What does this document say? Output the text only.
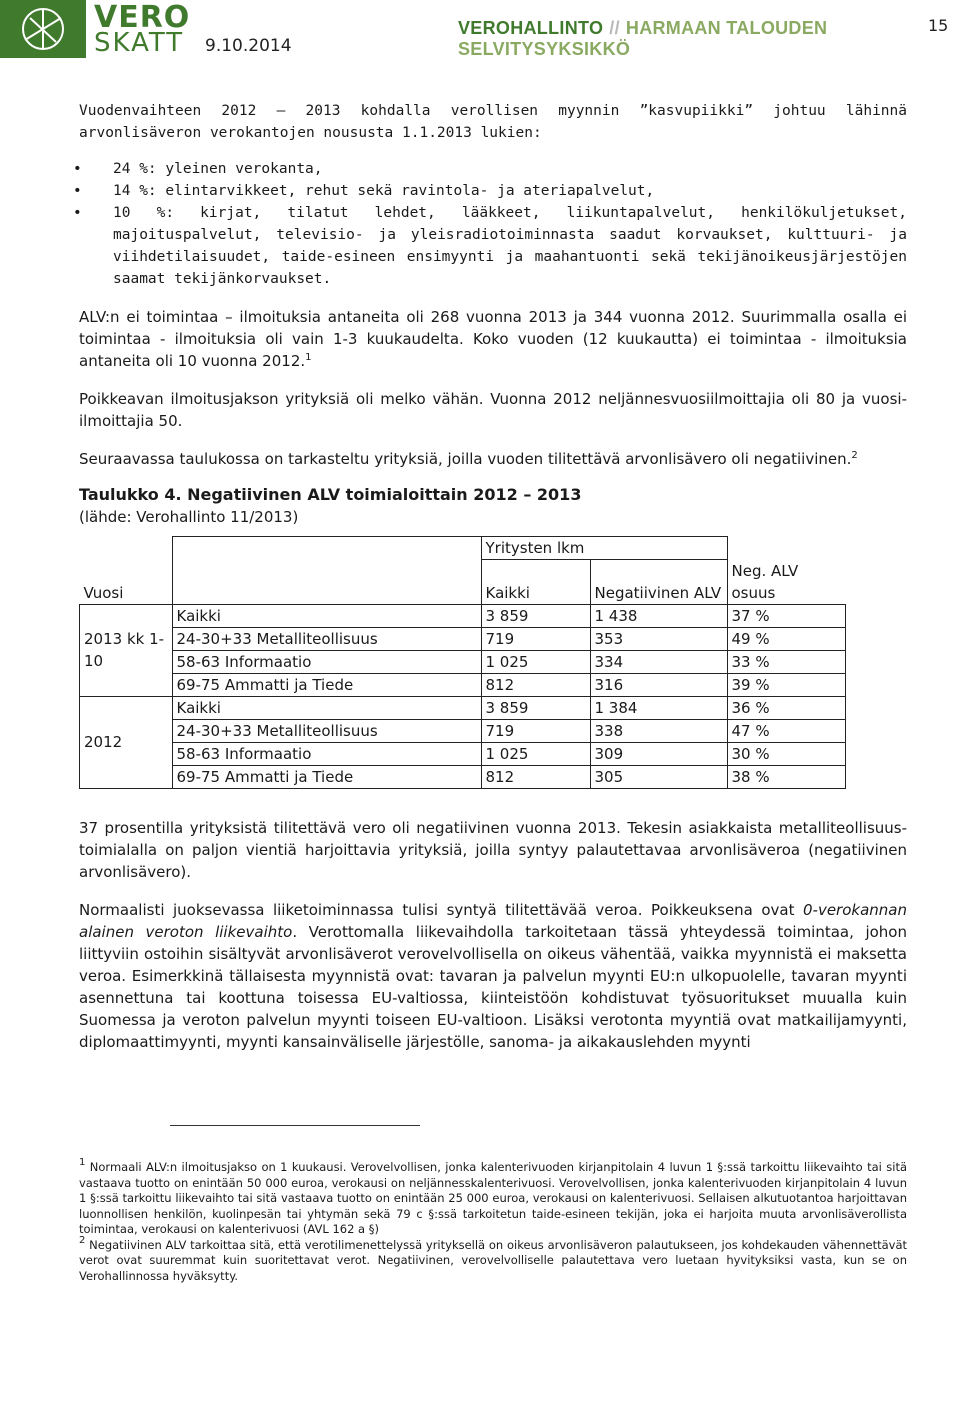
VERO
SKATT 9.10.2014
VEROHALLINTO // HARMAAN TALOUDEN SELVITYSYKSIKKÖ
15

Vuodenvaihteen 2012 – 2013 kohdalla verollisen myynnin ”kasvupiikki” johtuu lähinnä arvonlisäveron verokantojen noususta 1.1.2013 lukien:

• 24 %: yleinen verokanta,
• 14 %: elintarvikkeet, rehut sekä ravintola- ja ateriapalvelut,
• 10 %: kirjat, tilatut lehdet, lääkkeet, liikuntapalvelut, henkilökuljetukset, majoituspalvelut, televisio- ja yleisradiotoiminnasta saadut korvaukset, kulttuuri- ja viihdetilaisuudet, taide-esineen ensimyynti ja maahantuonti sekä tekijänoikeusjärjestöjen saamat tekijänkorvaukset.

ALV:n ei toimintaa – ilmoituksia antaneita oli 268 vuonna 2013 ja 344 vuonna 2012. Suurimmalla osalla ei toimintaa - ilmoituksia oli vain 1-3 kuukaudelta. Koko vuoden (12 kuukautta) ei toimintaa - ilmoituksia antaneita oli 10 vuonna 2012.$^1$

Poikkeavan ilmoitusjakson yrityksiä oli melko vähän. Vuonna 2012 neljännesvuosiilmoittajia oli 80 ja vuosi-ilmoittajia 50.

Seuraavassa taulukossa on tarkasteltu yrityksiä, joilla vuoden tilitettävä arvonlisävero oli negatiivinen.$^2$

Taulukko 4. Negatiivinen ALV toimialoittain 2012 – 2013
(lähde: Verohallinto 11/2013)
		Yritysten lkm		
Vuosi		Kaikki	Negatiivinen ALV	Neg. ALV osuus
2013 kk 1-10	Kaikki	3 859	1 438	37 %
	24-30+33 Metalliteollisuus	719	353	49 %
	58-63 Informaatio	1 025	334	33 %
	69-75 Ammatti ja Tiede	812	316	39 %
2012	Kaikki	3 859	1 384	36 %
	24-30+33 Metalliteollisuus	719	338	47 %
	58-63 Informaatio	1 025	309	30 %
	69-75 Ammatti ja Tiede	812	305	38 %

37 prosentilla yrityksistä tilitettävä vero oli negatiivinen vuonna 2013. Tekesin asiakkaista metalliteollisuus-toimialalla on paljon vientiä harjoittavia yrityksiä, joilla syntyy palautettavaa arvonlisäveroa (negatiivinen arvonlisävero).

Normaalisti juoksevassa liiketoiminnassa tulisi syntyä tilitettävää veroa. Poikkeuksena ovat 0-verokannan alainen veroton liikevaihto. Verottomalla liikevaihdolla tarkoitetaan tässä yhteydessä toimintaa, johon liittyviin ostoihin sisältyvät arvonlisäverot verovelvollisella on oikeus vähentää, vaikka myynnistä ei maksetta veroa. Esimerkkinä tällaisesta myynnistä ovat: tavaran ja palvelun myynti EU:n ulkopuolelle, tavaran myynti asennettuna tai koottuna toisessa EU-valtiossa, kiinteistöön kohdistuvat työsuoritukset muualla kuin Suomessa ja veroton palvelun myynti toiseen EU-valtioon. Lisäksi verotonta myyntiä ovat matkailijamyynti, diplomaattimyynti, myynti kansainväliselle järjestölle, sanoma- ja aikakauslehden myynti

$^1$ Normaali ALV:n ilmoitusjakso on 1 kuukausi. Verovelvollisen, jonka kalenterivuoden kirjanpitolain 4 luvun 1 §:ssä tarkoittu liikevaihto tai sitä vastaava tuotto on enintään 50 000 euroa, verokausi on neljännesskalenterivuosi. Verovelvollisen, jonka kalenterivuoden kirjanpitolain 4 luvun 1 §:ssä tarkoittu liikevaihto tai sitä vastaava tuotto on enintään 25 000 euroa, verokausi on kalenterivuosi. Sellaisen alkutuotantoa harjoittavan luonnollisen henkilön, kuolinpesän tai yhtymän sekä 79 c §:ssä tarkoitetun taide-esineen tekijän, joka ei harjoita muuta arvonlisäverollista toimintaa, verokausi on kalenterivuosi (AVL 162 a §)

$^2$ Negatiivinen ALV tarkoittaa sitä, että verotilimenettelyssä yrityksellä on oikeus arvonlisäveron palautukseen, jos kohdekauden vähennettävät verot ovat suuremmat kuin suoritettavat verot. Negatiivinen, verovelvolliselle palautettava vero luetaan hyvityksiksi vasta, kun se on Verohallinnossa hyväksytty.
